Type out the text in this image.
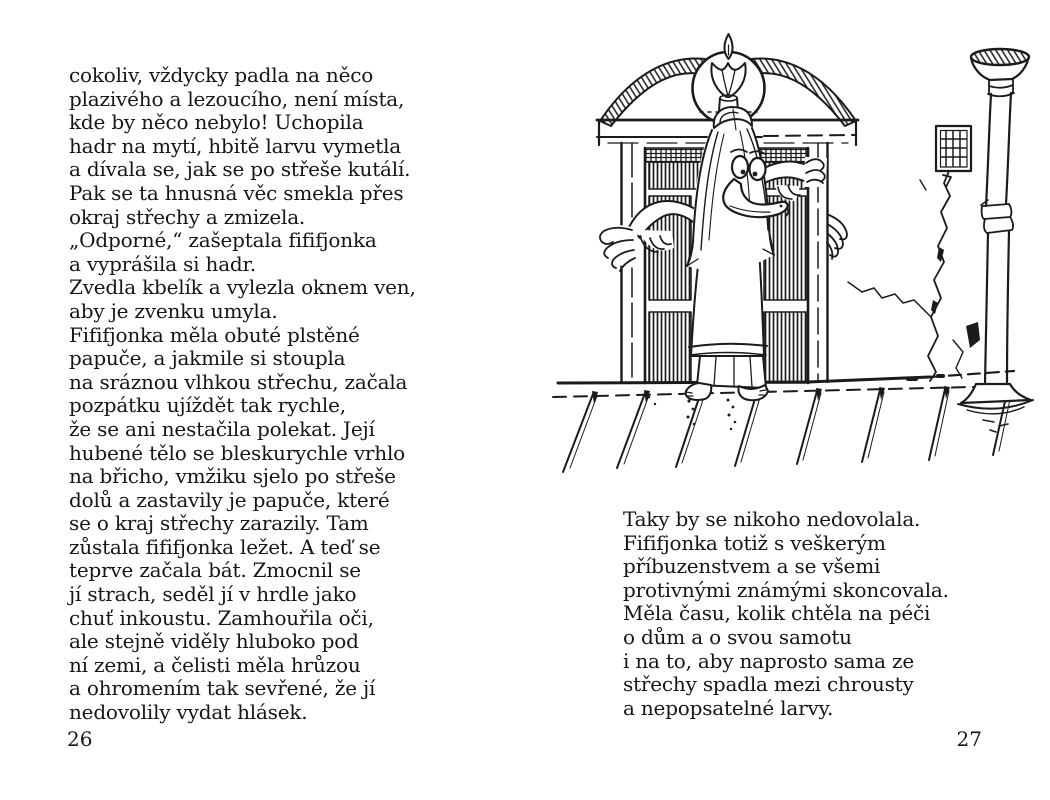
cokoliv, vždycky padla na něco
plazivého a lezoucího, není místa,
kde by něco nebylo! Uchopila
hadr na mytí, hbitě larvu vymetla
a dívala se, jak se po střeše kutálí.
Pak se ta hnusná věc smekla přes
okraj střechy a zmizela.
„Odporné,“ zašeptala fififjonka
a vyprášila si hadr.
Zvedla kbelík a vylezla oknem ven,
aby je zvenku umyla.
Fififjonka měla obuté plstěné
papuče, a jakmile si stoupla
na sráznou vlhkou střechu, začala
pozpátku ujíždět tak rychle,
že se ani nestačila polekat. Její
hubené tělo se bleskurychle vrhlo
na břicho, vmžiku sjelo po střeše
dolů a zastavily je papuče, které
se o kraj střechy zarazily. Tam
zůstala fififjonka ležet. A teď se
teprve začala bát. Zmocnil se
jí strach, seděl jí v hrdle jako
chuť inkoustu. Zamhouřila oči,
ale stejně viděly hluboko pod
ní zemi, a čelisti měla hrůzou
a ohromením tak sevřené, že jí
nedovolily vydat hlásek.
Taky by se nikoho nedovolala.
Fififjonka totiž s veškerým
příbuzenstvem a se všemi
protivnými známými skoncovala.
Měla času, kolik chtěla na péči
o dům a o svou samotu
i na to, aby naprosto sama ze
střechy spadla mezi chrousty
a nepopsatelné larvy.
26	27
